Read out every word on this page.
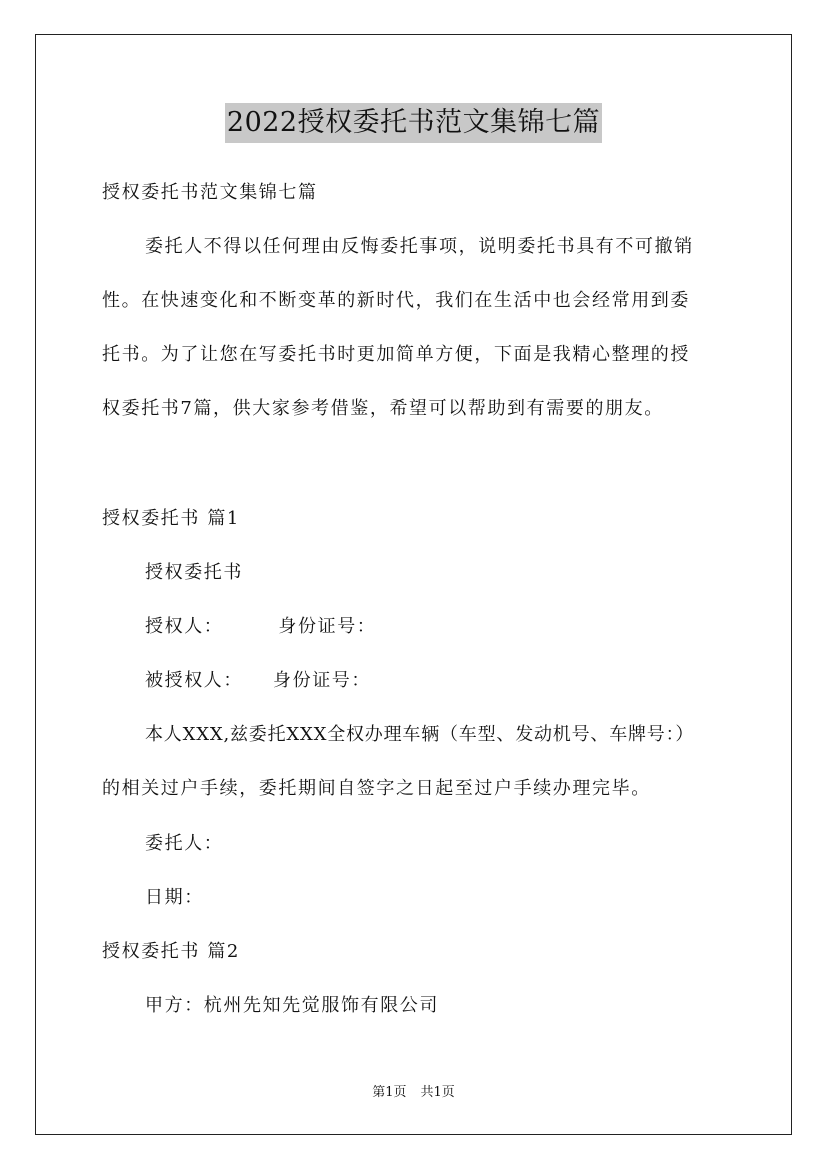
2022授权委托书范文集锦七篇
授权委托书范文集锦七篇
委托人不得以任何理由反悔委托事项，说明委托书具有不可撤销
性。在快速变化和不断变革的新时代，我们在生活中也会经常用到委
托书。为了让您在写委托书时更加简单方便，下面是我精心整理的授
权委托书7篇，供大家参考借鉴，希望可以帮助到有需要的朋友。
授权委托书 篇1
授权委托书
授权人：	身份证号：
被授权人： 身份证号：
本人XXX,兹委托XXX全权办理车辆（车型、发动机号、车牌号：）
的相关过户手续，委托期间自签字之日起至过户手续办理完毕。
委托人：
日期：
授权委托书 篇2
甲方：杭州先知先觉服饰有限公司
第1页 共1页
